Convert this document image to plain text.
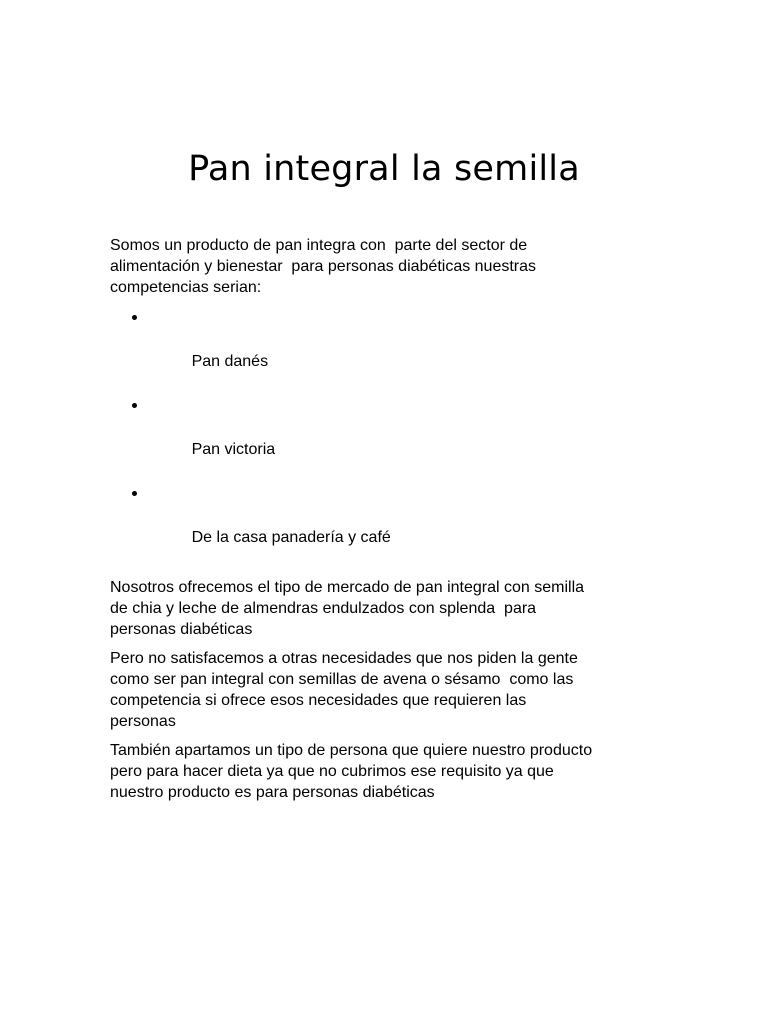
Pan integral la semilla

Somos un producto de pan integra con  parte del sector de
alimentación y bienestar  para personas diabéticas nuestras
competencias serian:

Pan danés

Pan victoria

De la casa panadería y café

Nosotros ofrecemos el tipo de mercado de pan integral con semilla
de chia y leche de almendras endulzados con splenda  para
personas diabéticas

Pero no satisfacemos a otras necesidades que nos piden la gente
como ser pan integral con semillas de avena o sésamo  como las
competencia si ofrece esos necesidades que requieren las
personas

También apartamos un tipo de persona que quiere nuestro producto
pero para hacer dieta ya que no cubrimos ese requisito ya que
nuestro producto es para personas diabéticas
